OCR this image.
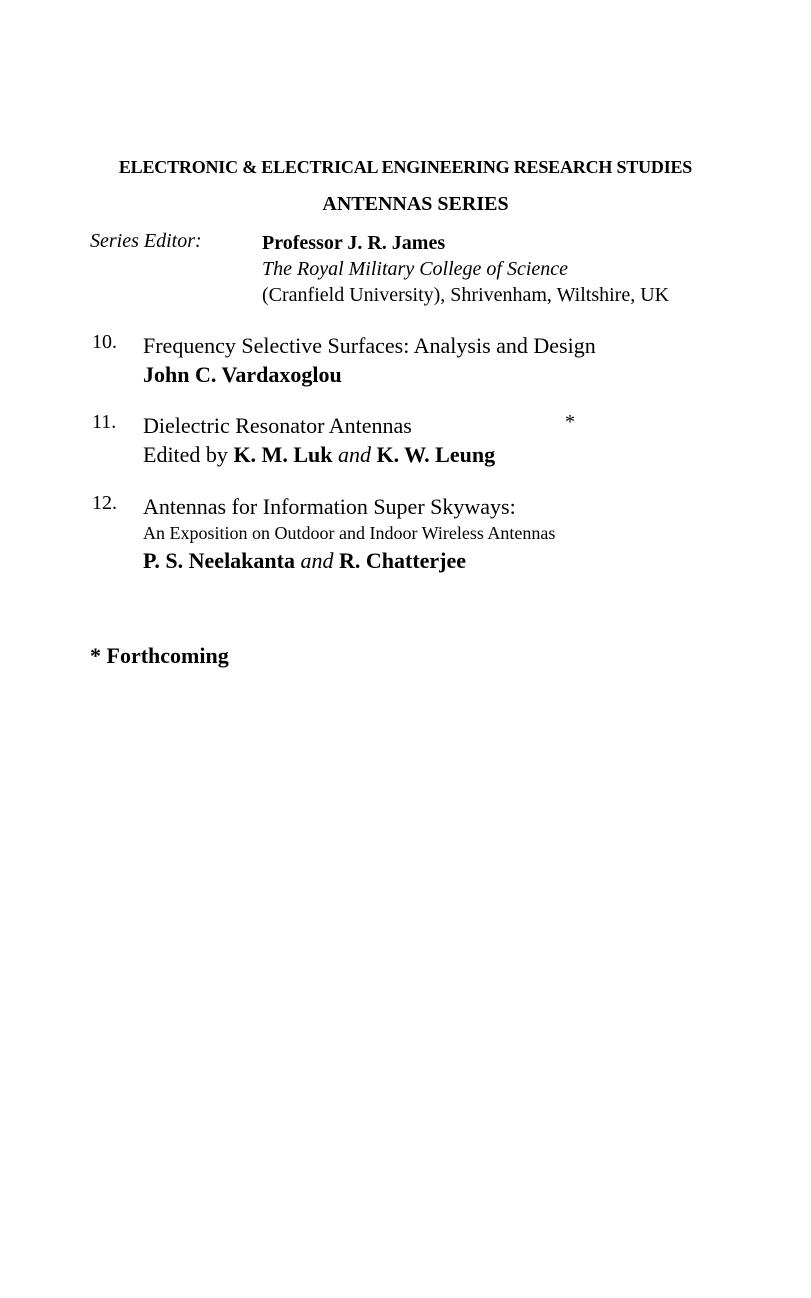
ELECTRONIC & ELECTRICAL ENGINEERING RESEARCH STUDIES
ANTENNAS SERIES
Series Editor:	Professor J. R. James
The Royal Military College of Science
(Cranfield University), Shrivenham, Wiltshire, UK
10. Frequency Selective Surfaces: Analysis and Design
John C. Vardaxoglou
11.	*
Dielectric Resonator Antennas
Edited by K. M. Luk and K. W. Leung
12. Antennas for Information Super Skyways:
An Exposition on Outdoor and Indoor Wireless Antennas
P. S. Neelakanta and R. Chatterjee
* Forthcoming
